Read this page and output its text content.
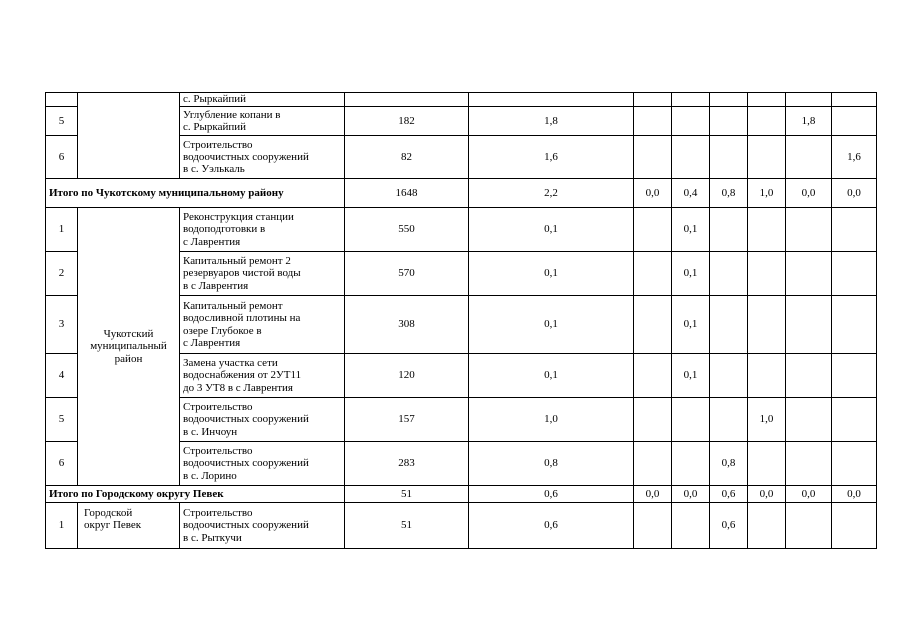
		с. Рыркайпий								

5		Углубление копани в
с. Рыркайпий	182	1,8					1,8	

6		Строительство
водоочистных сооружений
в с. Уэлькаль	82	1,6						1,6

Итого по Чукотскому муниципальному району			1648	2,2	0,0	0,4	0,8	1,0	0,0	0,0

1	Чукотский
муниципальный
район	Реконструкция станции
водоподготовки в
с Лаврентия	550	0,1		0,1				

2		Капитальный ремонт 2
резервуаров чистой воды
в с Лаврентия	570	0,1		0,1				

3		Капитальный ремонт
водосливной плотины на
озере Глубокое в
с Лаврентия	308	0,1		0,1				

4		Замена участка сети
водоснабжения от 2УТ11
до 3 УТ8 в с Лаврентия	120	0,1		0,1				

5		Строительство
водоочистных сооружений
в с. Инчоун	157	1,0				1,0		

6		Строительство
водоочистных сооружений
в с. Лорино	283	0,8			0,8			

Итого по Городскому округу Певек			51	0,6	0,0	0,0	0,6	0,0	0,0	0,0

1	Городской
округ Певек	Строительство
водоочистных сооружений
в с. Рыткучи	51	0,6			0,6			
